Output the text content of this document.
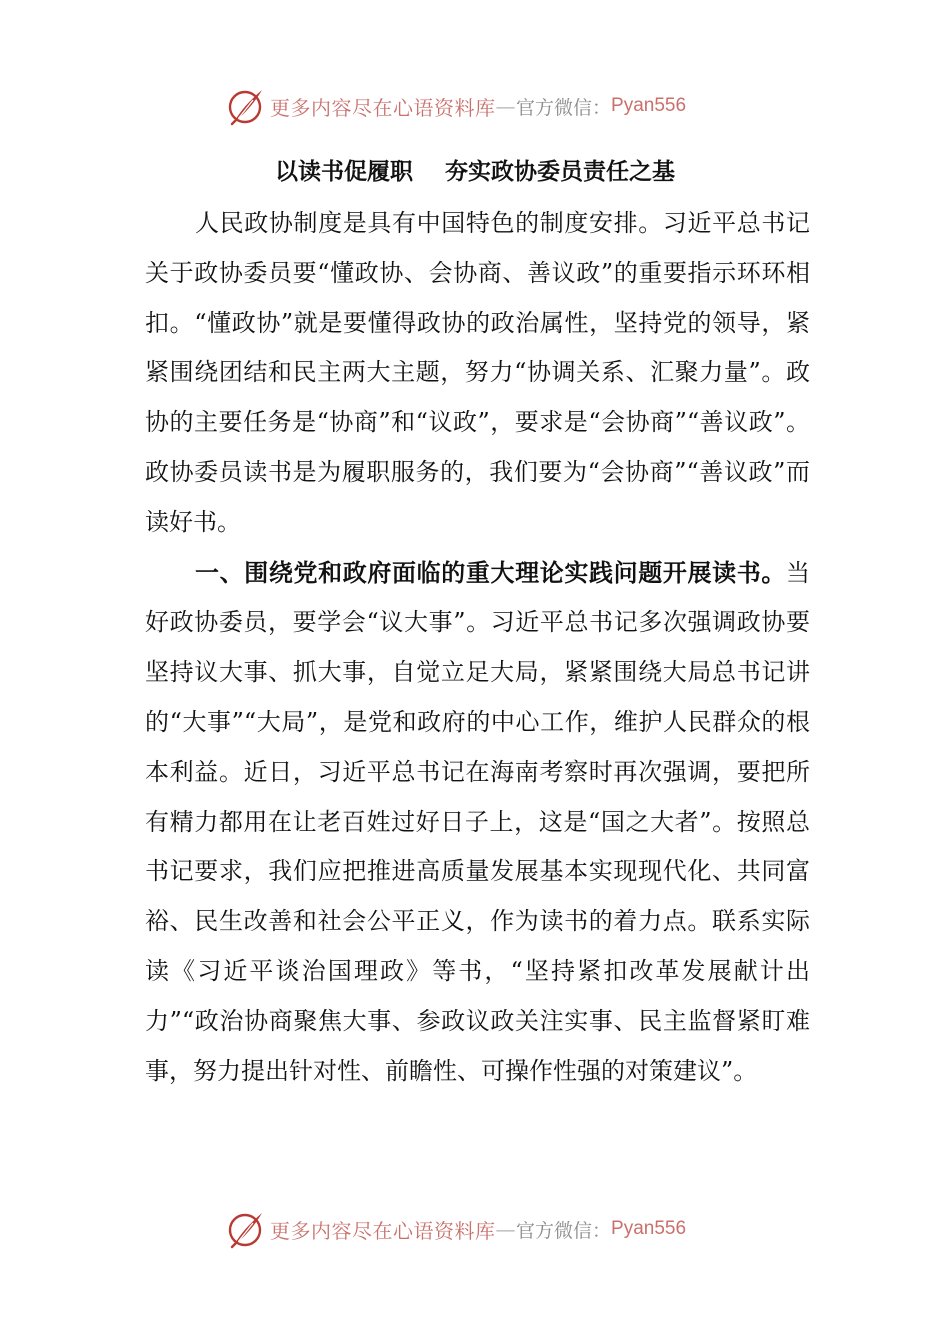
更多内容尽在心语资料库 — 官方微信： Pyan556
以读书促履职    夯实政协委员责任之基

人民政协制度是具有中国特色的制度安排。习近平总书记关于政协委员要“懂政协、会协商、善议政”的重要指示环环相扣。“懂政协”就是要懂得政协的政治属性，坚持党的领导，紧紧围绕团结和民主两大主题，努力“协调关系、汇聚力量”。政协的主要任务是“协商”和“议政”，要求是“会协商”“善议政”。政协委员读书是为履职服务的，我们要为“会协商”“善议政”而读好书。

一、围绕党和政府面临的重大理论实践问题开展读书。当好政协委员，要学会“议大事”。习近平总书记多次强调政协要坚持议大事、抓大事，自觉立足大局，紧紧围绕大局总书记讲的“大事”“大局”，是党和政府的中心工作，维护人民群众的根本利益。近日，习近平总书记在海南考察时再次强调，要把所有精力都用在让老百姓过好日子上，这是“国之大者”。按照总书记要求，我们应把推进高质量发展基本实现现代化、共同富裕、民生改善和社会公平正义，作为读书的着力点。联系实际读《习近平谈治国理政》等书，“坚持紧扣改革发展献计出力”“政治协商聚焦大事、参政议政关注实事、民主监督紧盯难事，努力提出针对性、前瞻性、可操作性强的对策建议”。

更多内容尽在心语资料库 — 官方微信： Pyan556
